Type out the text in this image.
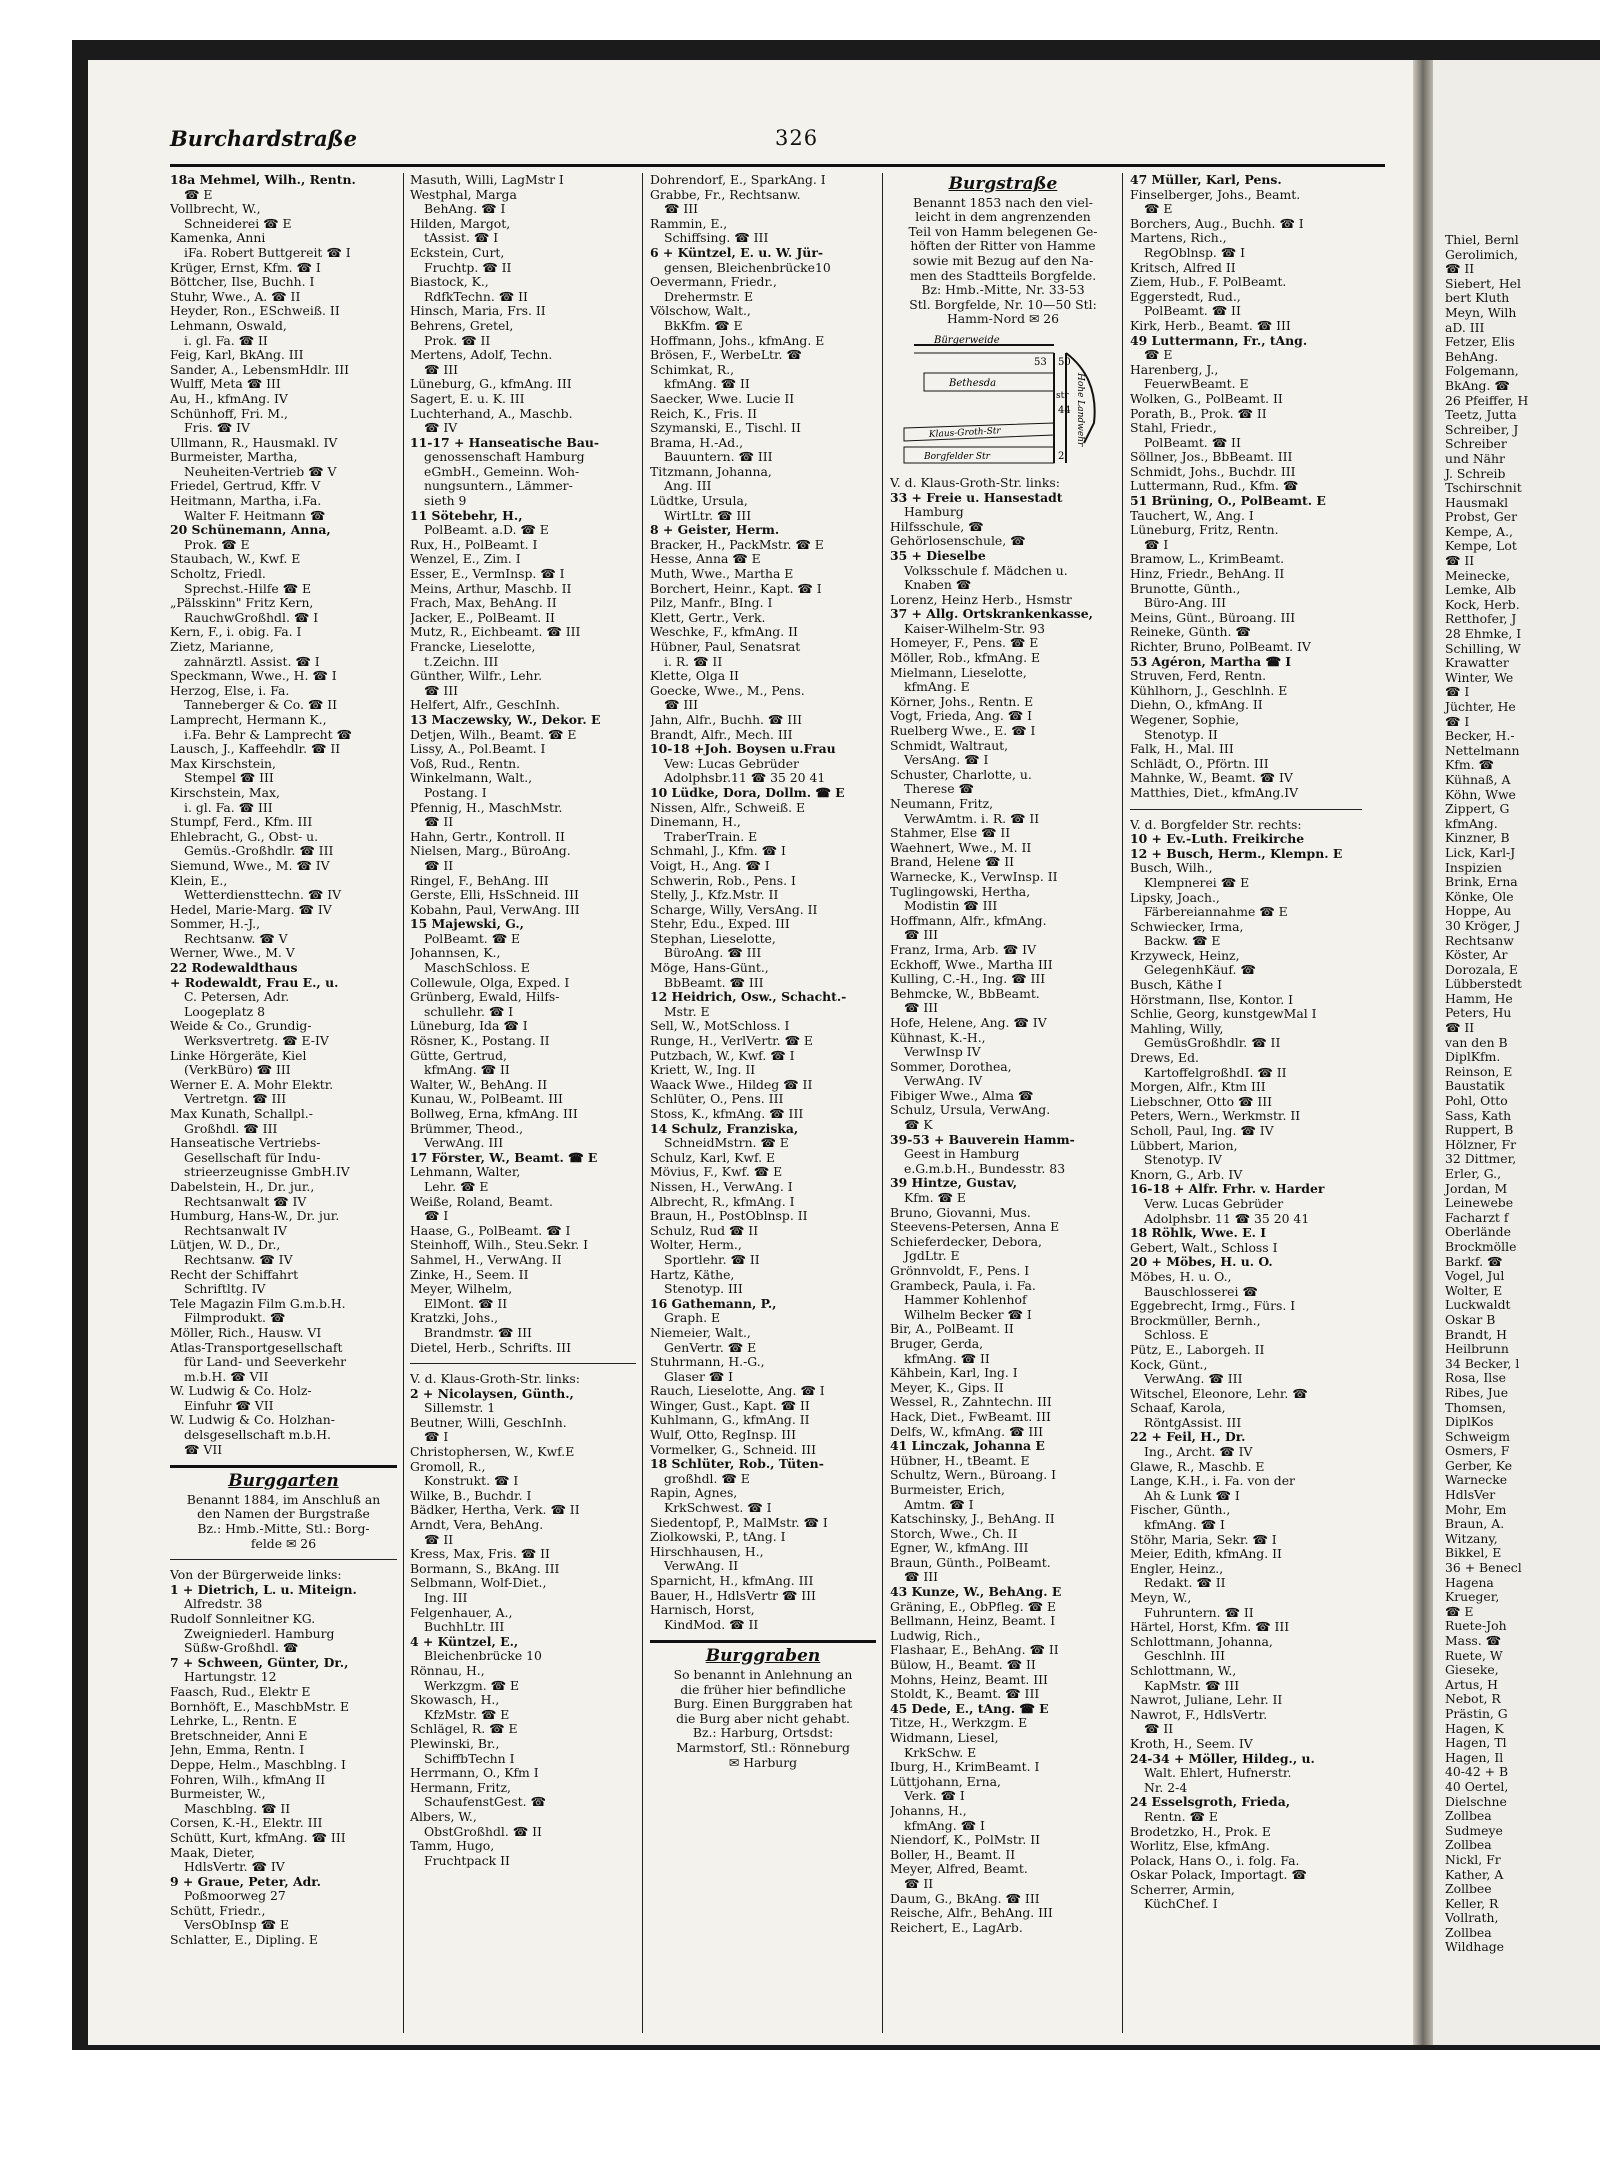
Thiel, Bernl
Gerolimich,
☎ II
Siebert, Hel
bert Kluth
Meyn, Wilh
aD. III
Fetzer, Elis
BehAng.
Folgemann,
BkAng. ☎
26 Pfeiffer, H
Teetz, Jutta
Schreiber, J
Schreiber
und Nähr
J. Schreib
Tschirschnit
Hausmakl
Probst, Ger
Kempe, A.,
Kempe, Lot
☎ II
Meinecke,
Lemke, Alb
Kock, Herb.
Retthofer, J
28 Ehmke, I
Schilling, W
Krawatter
Winter, We
☎ I
Jüchter, He
☎ I
Becker, H.-
Nettelmann
Kfm. ☎
Kühnaß, A
Köhn, Wwe
Zippert, G
kfmAng.
Kinzner, B
Lick, Karl-J
Inspizien
Brink, Erna
Könke, Ole
Hoppe, Au
30 Kröger, J
Rechtsanw
Köster, Ar
Dorozala, E
Lübberstedt
Hamm, He
Peters, Hu
☎ II
van den B
DiplKfm.
Reinson, E
Baustatik
Pohl, Otto
Sass, Kath
Ruppert, B
Hölzner, Fr
32 Dittmer,
Erler, G.,
Jordan, M
Leinewebe
Facharzt f
Oberlände
Brockmölle
Barkf. ☎
Vogel, Jul
Wolter, E
Luckwaldt
Oskar B
Brandt, H
Heilbrunn
34 Becker, l
Rosa, Ilse
Ribes, Jue
Thomsen,
DiplKos
Schweigm
Osmers, F
Gerber, Ke
Warnecke
HdlsVer
Mohr, Em
Braun, A.
Witzany,
Bikkel, E
36 + Benecl
Hagena
Krueger,
☎ E
Ruete-Joh
Mass. ☎
Ruete, W
Gieseke,
Artus, H
Nebot, R
Prästin, G
Hagen, K
Hagen, Tl
Hagen, Il
40-42 + B
40 Oertel,
Dielschne
Zollbea
Sudmeye
Zollbea
Nickl, Fr
Kather, A
Zollbee
Keller, R
Vollrath,
Zollbea
Wildhage
Burchardstraße	326
18a Mehmel, Wilh., Rentn.
☎ E
Vollbrecht, W.,
Schneiderei ☎ E
Kamenka, Anni
iFa. Robert Buttgereit ☎ I
Krüger, Ernst, Kfm. ☎ I
Böttcher, Ilse, Buchh. I
Stuhr, Wwe., A. ☎ II
Heyder, Ron., ESchweiß. II
Lehmann, Oswald,
i. gl. Fa. ☎ II
Feig, Karl, BkAng. III
Sander, A., LebensmHdlr. III
Wulff, Meta ☎ III
Au, H., kfmAng. IV
Schünhoff, Fri. M.,
Fris. ☎ IV
Ullmann, R., Hausmakl. IV
Burmeister, Martha,
Neuheiten-Vertrieb ☎ V
Friedel, Gertrud, Kffr. V
Heitmann, Martha, i.Fa.
Walter F. Heitmann ☎
20 Schünemann, Anna,
Prok. ☎ E
Staubach, W., Kwf. E
Scholtz, Friedl.
Sprechst.-Hilfe ☎ E
„Pälsskinn" Fritz Kern,
RauchwGroßhdl. ☎ I
Kern, F., i. obig. Fa. I
Zietz, Marianne,
zahnärztl. Assist. ☎ I
Speckmann, Wwe., H. ☎ I
Herzog, Else, i. Fa.
Tanneberger & Co. ☎ II
Lamprecht, Hermann K.,
i.Fa. Behr & Lamprecht ☎
Lausch, J., Kaffeehdlr. ☎ II
Max Kirschstein,
Stempel ☎ III
Kirschstein, Max,
i. gl. Fa. ☎ III
Stumpf, Ferd., Kfm. III
Ehlebracht, G., Obst- u.
Gemüs.-Großhdlr. ☎ III
Siemund, Wwe., M. ☎ IV
Klein, E.,
Wetterdiensttechn. ☎ IV
Hedel, Marie-Marg. ☎ IV
Sommer, H.-J.,
Rechtsanw. ☎ V
Werner, Wwe., M. V
22 Rodewaldthaus
+ Rodewaldt, Frau E., u.
C. Petersen, Adr.
Loogeplatz 8
Weide & Co., Grundig-
Werksvertretg. ☎ E-IV
Linke Hörgeräte, Kiel
(VerkBüro) ☎ III
Werner E. A. Mohr Elektr.
Vertretgn. ☎ III
Max Kunath, Schallpl.-
Großhdl. ☎ III
Hanseatische Vertriebs-
Gesellschaft für Indu-
strieerzeugnisse GmbH.IV
Dabelstein, H., Dr. jur.,
Rechtsanwalt ☎ IV
Humburg, Hans-W., Dr. jur.
Rechtsanwalt IV
Lütjen, W. D., Dr.,
Rechtsanw. ☎ IV
Recht der Schiffahrt
Schriftltg. IV
Tele Magazin Film G.m.b.H.
Filmprodukt. ☎
Möller, Rich., Hausw. VI
Atlas-Transportgesellschaft
für Land- und Seeverkehr
m.b.H. ☎ VII
W. Ludwig & Co. Holz-
Einfuhr ☎ VII
W. Ludwig & Co. Holzhan-
delsgesellschaft m.b.H.
☎ VII
Burggarten
Benannt 1884, im Anschluß an
den Namen der Burgstraße
Bz.: Hmb.-Mitte, Stl.: Borg-
felde ✉ 26
Von der Bürgerweide links:
1 + Dietrich, L. u. Miteign.
Alfredstr. 38
Rudolf Sonnleitner KG.
Zweigniederl. Hamburg
Süßw-Großhdl. ☎
7 + Schween, Günter, Dr.,
Hartungstr. 12
Faasch, Rud., Elektr E
Bornhöft, E., MaschbMstr. E
Lehrke, L., Rentn. E
Bretschneider, Anni E
Jehn, Emma, Rentn. I
Deppe, Helm., Maschblng. I
Fohren, Wilh., kfmAng II
Burmeister, W.,
Maschblng. ☎ II
Corsen, K.-H., Elektr. III
Schütt, Kurt, kfmAng. ☎ III
Maak, Dieter,
HdlsVertr. ☎ IV
9 + Graue, Peter, Adr.
Poßmoorweg 27
Schütt, Friedr.,
VersObInsp ☎ E
Schlatter, E., Dipling. E
Masuth, Willi, LagMstr I
Westphal, Marga
BehAng. ☎ I
Hilden, Margot,
tAssist. ☎ I
Eckstein, Curt,
Fruchtp. ☎ II
Biastock, K.,
RdfkTechn. ☎ II
Hinsch, Maria, Frs. II
Behrens, Gretel,
Prok. ☎ II
Mertens, Adolf, Techn.
☎ III
Lüneburg, G., kfmAng. III
Sagert, E. u. K. III
Luchterhand, A., Maschb.
☎ IV
11-17 + Hanseatische Bau-
genossenschaft Hamburg
eGmbH., Gemeinn. Woh-
nungsuntern., Lämmer-
sieth 9
11 Sötebehr, H.,
PolBeamt. a.D. ☎ E
Rux, H., PolBeamt. I
Wenzel, E., Zim. I
Esser, E., VermInsp. ☎ I
Meins, Arthur, Maschb. II
Frach, Max, BehAng. II
Jacker, E., PolBeamt. II
Mutz, R., Eichbeamt. ☎ III
Francke, Lieselotte,
t.Zeichn. III
Günther, Wilfr., Lehr.
☎ III
Helfert, Alfr., GeschInh.
13 Maczewsky, W., Dekor. E
Detjen, Wilh., Beamt. ☎ E
Lissy, A., Pol.Beamt. I
Voß, Rud., Rentn.
Winkelmann, Walt.,
Postang. I
Pfennig, H., MaschMstr.
☎ II
Hahn, Gertr., Kontroll. II
Nielsen, Marg., BüroAng.
☎ II
Ringel, F., BehAng. III
Gerste, Elli, HsSchneid. III
Kobahn, Paul, VerwAng. III
15 Majewski, G.,
PolBeamt. ☎ E
Johannsen, K.,
MaschSchloss. E
Collewule, Olga, Exped. I
Grünberg, Ewald, Hilfs-
schullehr. ☎ I
Lüneburg, Ida ☎ I
Rösner, K., Postang. II
Gütte, Gertrud,
kfmAng. ☎ II
Walter, W., BehAng. II
Kunau, W., PolBeamt. III
Bollweg, Erna, kfmAng. III
Brümmer, Theod.,
VerwAng. III
17 Förster, W., Beamt. ☎ E
Lehmann, Walter,
Lehr. ☎ E
Weiße, Roland, Beamt.
☎ I
Haase, G., PolBeamt. ☎ I
Steinhoff, Wilh., Steu.Sekr. I
Sahmel, H., VerwAng. II
Zinke, H., Seem. II
Meyer, Wilhelm,
ElMont. ☎ II
Kratzki, Johs.,
Brandmstr. ☎ III
Dietel, Herb., Schrifts. III
V. d. Klaus-Groth-Str. links:
2 + Nicolaysen, Günth.,
Sillemstr. 1
Beutner, Willi, GeschInh.
☎ I
Christophersen, W., Kwf.E
Gromoll, R.,
Konstrukt. ☎ I
Wilke, B., Buchdr. I
Bädker, Hertha, Verk. ☎ II
Arndt, Vera, BehAng.
☎ II
Kress, Max, Fris. ☎ II
Bormann, S., BkAng. III
Selbmann, Wolf-Diet.,
Ing. III
Felgenhauer, A.,
BuchhLtr. III
4 + Küntzel, E.,
Bleichenbrücke 10
Rönnau, H.,
Werkzgm. ☎ E
Skowasch, H.,
KfzMstr. ☎ E
Schlägel, R. ☎ E
Plewinski, Br.,
SchiffbTechn I
Herrmann, O., Kfm I
Hermann, Fritz,
SchaufenstGest. ☎
Albers, W.,
ObstGroßhdl. ☎ II
Tamm, Hugo,
Fruchtpack II
Dohrendorf, E., SparkAng. I
Grabbe, Fr., Rechtsanw.
☎ III
Rammin, E.,
Schiffsing. ☎ III
6 + Küntzel, E. u. W. Jür-
gensen, Bleichenbrücke10
Oevermann, Friedr.,
Drehermstr. E
Völschow, Walt.,
BkKfm. ☎ E
Hoffmann, Johs., kfmAng. E
Brösen, F., WerbeLtr. ☎
Schimkat, R.,
kfmAng. ☎ II
Saecker, Wwe. Lucie II
Reich, K., Fris. II
Szymanski, E., Tischl. II
Brama, H.-Ad.,
Bauuntern. ☎ III
Titzmann, Johanna,
Ang. III
Lüdtke, Ursula,
WirtLtr. ☎ III
8 + Geister, Herm.
Bracker, H., PackMstr. ☎ E
Hesse, Anna ☎ E
Muth, Wwe., Martha E
Borchert, Heinr., Kapt. ☎ I
Pilz, Manfr., BIng. I
Klett, Gertr., Verk.
Weschke, F., kfmAng. II
Hübner, Paul, Senatsrat
i. R. ☎ II
Klette, Olga II
Goecke, Wwe., M., Pens.
☎ III
Jahn, Alfr., Buchh. ☎ III
Brandt, Alfr., Mech. III
10-18 +Joh. Boysen u.Frau
Vew: Lucas Gebrüder
Adolphsbr.11 ☎ 35 20 41
10 Lüdke, Dora, Dollm. ☎ E
Nissen, Alfr., Schweiß. E
Dinemann, H.,
TraberTrain. E
Schmahl, J., Kfm. ☎ I
Voigt, H., Ang. ☎ I
Schwerin, Rob., Pens. I
Stelly, J., Kfz.Mstr. II
Scharge, Willy, VersAng. II
Stehr, Edu., Exped. III
Stephan, Lieselotte,
BüroAng. ☎ III
Möge, Hans-Günt.,
BbBeamt. ☎ III
12 Heidrich, Osw., Schacht.-
Mstr. E
Sell, W., MotSchloss. I
Runge, H., VerlVertr. ☎ E
Putzbach, W., Kwf. ☎ I
Kriett, W., Ing. II
Waack Wwe., Hildeg ☎ II
Schlüter, O., Pens. III
Stoss, K., kfmAng. ☎ III
14 Schulz, Franziska,
SchneidMstrn. ☎ E
Schulz, Karl, Kwf. E
Mövius, F., Kwf. ☎ E
Nissen, H., VerwAng. I
Albrecht, R., kfmAng. I
Braun, H., PostOblnsp. II
Schulz, Rud ☎ II
Wolter, Herm.,
Sportlehr. ☎ II
Hartz, Käthe,
Stenotyp. III
16 Gathemann, P.,
Graph. E
Niemeier, Walt.,
GenVertr. ☎ E
Stuhrmann, H.-G.,
Glaser ☎ I
Rauch, Lieselotte, Ang. ☎ I
Winger, Gust., Kapt. ☎ II
Kuhlmann, G., kfmAng. II
Wulf, Otto, RegInsp. III
Vormelker, G., Schneid. III
18 Schlüter, Rob., Tüten-
großhdl. ☎ E
Rapin, Agnes,
KrkSchwest. ☎ I
Siedentopf, P., MalMstr. ☎ I
Ziolkowski, P., tAng. I
Hirschhausen, H.,
VerwAng. II
Sparnicht, H., kfmAng. III
Bauer, H., HdlsVertr ☎ III
Harnisch, Horst,
KindMod. ☎ II
Burggraben
So benannt in Anlehnung an
die früher hier befindliche
Burg. Einen Burggraben hat
die Burg aber nicht gehabt.
Bz.: Harburg, Ortsdst:
Marmstorf, Stl.: Rönneburg
✉ Harburg
Burgstraße
Benannt 1853 nach den viel-
leicht in dem angrenzenden
Teil von Hamm belegenen Ge-
höften der Ritter von Hamme
sowie mit Bezug auf den Na-
men des Stadtteils Borgfelde.
Bz: Hmb.-Mitte, Nr. 33-53
Stl. Borgfelde, Nr. 10—50 Stl:
Hamm-Nord ✉ 26
Bürgerweide
53
Bethesda
50
str
44 Hohe Landwehr
Klaus-Groth-Str
Borgfelder Str	2
V. d. Klaus-Groth-Str. links:
33 + Freie u. Hansestadt
Hamburg
Hilfsschule, ☎
Gehörlosenschule, ☎
35 + Dieselbe
Volksschule f. Mädchen u.
Knaben ☎
Lorenz, Heinz Herb., Hsmstr
37 + Allg. Ortskrankenkasse,
Kaiser-Wilhelm-Str. 93
Homeyer, F., Pens. ☎ E
Möller, Rob., kfmAng. E
Mielmann, Lieselotte,
kfmAng. E
Körner, Johs., Rentn. E
Vogt, Frieda, Ang. ☎ I
Ruelberg Wwe., E. ☎ I
Schmidt, Waltraut,
VersAng. ☎ I
Schuster, Charlotte, u.
Therese ☎
Neumann, Fritz,
VerwAmtm. i. R. ☎ II
Stahmer, Else ☎ II
Waehnert, Wwe., M. II
Brand, Helene ☎ II
Warnecke, K., VerwInsp. II
Tuglingowski, Hertha,
Modistin ☎ III
Hoffmann, Alfr., kfmAng.
☎ III
Franz, Irma, Arb. ☎ IV
Eckhoff, Wwe., Martha III
Kulling, C.-H., Ing. ☎ III
Behmcke, W., BbBeamt.
☎ III
Hofe, Helene, Ang. ☎ IV
Kühnast, K.-H.,
VerwInsp IV
Sommer, Dorothea,
VerwAng. IV
Fibiger Wwe., Alma ☎
Schulz, Ursula, VerwAng.
☎ K
39-53 + Bauverein Hamm-
Geest in Hamburg
e.G.m.b.H., Bundesstr. 83
39 Hintze, Gustav,
Kfm. ☎ E
Bruno, Giovanni, Mus.
Steevens-Petersen, Anna E
Schieferdecker, Debora,
JgdLtr. E
Grönnvoldt, F., Pens. I
Grambeck, Paula, i. Fa.
Hammer Kohlenhof
Wilhelm Becker ☎ I
Bir, A., PolBeamt. II
Bruger, Gerda,
kfmAng. ☎ II
Kähbein, Karl, Ing. I
Meyer, K., Gips. II
Wessel, R., Zahntechn. III
Hack, Diet., FwBeamt. III
Delfs, W., kfmAng. ☎ III
41 Linczak, Johanna E
Hübner, H., tBeamt. E
Schultz, Wern., Büroang. I
Burmeister, Erich,
Amtm. ☎ I
Katschinsky, J., BehAng. II
Storch, Wwe., Ch. II
Egner, W., kfmAng. III
Braun, Günth., PolBeamt.
☎ III
43 Kunze, W., BehAng. E
Gräning, E., ObPfleg. ☎ E
Bellmann, Heinz, Beamt. I
Ludwig, Rich.,
Flashaar, E., BehAng. ☎ II
Bülow, H., Beamt. ☎ II
Mohns, Heinz, Beamt. III
Stoldt, K., Beamt. ☎ III
45 Dede, E., tAng. ☎ E
Titze, H., Werkzgm. E
Widmann, Liesel,
KrkSchw. E
Iburg, H., KrimBeamt. I
Lüttjohann, Erna,
Verk. ☎ I
Johanns, H.,
kfmAng. ☎ I
Niendorf, K., PolMstr. II
Boller, H., Beamt. II
Meyer, Alfred, Beamt.
☎ II
Daum, G., BkAng. ☎ III
Reische, Alfr., BehAng. III
Reichert, E., LagArb.
47 Müller, Karl, Pens.
Finselberger, Johs., Beamt.
☎ E
Borchers, Aug., Buchh. ☎ I
Martens, Rich.,
RegOblnsp. ☎ I
Kritsch, Alfred II
Ziem, Hub., F. PolBeamt.
Eggerstedt, Rud.,
PolBeamt. ☎ II
Kirk, Herb., Beamt. ☎ III
49 Luttermann, Fr., tAng.
☎ E
Harenberg, J.,
FeuerwBeamt. E
Wolken, G., PolBeamt. II
Porath, B., Prok. ☎ II
Stahl, Friedr.,
PolBeamt. ☎ II
Söllner, Jos., BbBeamt. III
Schmidt, Johs., Buchdr. III
Luttermann, Rud., Kfm. ☎
51 Brüning, O., PolBeamt. E
Tauchert, W., Ang. I
Lüneburg, Fritz, Rentn.
☎ I
Bramow, L., KrimBeamt.
Hinz, Friedr., BehAng. II
Brunotte, Günth.,
Büro-Ang. III
Meins, Günt., Büroang. III
Reineke, Günth. ☎
Richter, Bruno, PolBeamt. IV
53 Agéron, Martha ☎ I
Struven, Ferd, Rentn.
Kühlhorn, J., Geschlnh. E
Diehn, O., kfmAng. II
Wegener, Sophie,
Stenotyp. II
Falk, H., Mal. III
Schlädt, O., Pförtn. III
Mahnke, W., Beamt. ☎ IV
Matthies, Diet., kfmAng.IV
V. d. Borgfelder Str. rechts:
10 + Ev.-Luth. Freikirche
12 + Busch, Herm., Klempn. E
Busch, Wilh.,
Klempnerei ☎ E
Lipsky, Joach.,
Färbereiannahme ☎ E
Schwiecker, Irma,
Backw. ☎ E
Krzyweck, Heinz,
GelegenhKäuf. ☎
Busch, Käthe I
Hörstmann, Ilse, Kontor. I
Schlie, Georg, kunstgewMal I
Mahling, Willy,
GemüsGroßhdlr. ☎ II
Drews, Ed.
KartoffelgroßhdI. ☎ II
Morgen, Alfr., Ktm III
Liebschner, Otto ☎ III
Peters, Wern., Werkmstr. II
Scholl, Paul, Ing. ☎ IV
Lübbert, Marion,
Stenotyp. IV
Knorn, G., Arb. IV
16-18 + Alfr. Frhr. v. Harder
Verw. Lucas Gebrüder
Adolphsbr. 11 ☎ 35 20 41
18 Röhlk, Wwe. E. I
Gebert, Walt., Schloss I
20 + Möbes, H. u. O.
Möbes, H. u. O.,
Bauschlosserei ☎
Eggebrecht, Irmg., Fürs. I
Brockmüller, Bernh.,
Schloss. E
Pütz, E., Laborgeh. II
Kock, Günt.,
VerwAng. ☎ III
Witschel, Eleonore, Lehr. ☎
Schaaf, Karola,
RöntgAssist. III
22 + Feil, H., Dr.
Ing., Archt. ☎ IV
Glawe, R., Maschb. E
Lange, K.H., i. Fa. von der
Ah & Lunk ☎ I
Fischer, Günth.,
kfmAng. ☎ I
Stöhr, Maria, Sekr. ☎ I
Meier, Edith, kfmAng. II
Engler, Heinz.,
Redakt. ☎ II
Meyn, W.,
Fuhruntern. ☎ II
Härtel, Horst, Kfm. ☎ III
Schlottmann, Johanna,
Geschlnh. III
Schlottmann, W.,
KapMstr. ☎ III
Nawrot, Juliane, Lehr. II
Nawrot, F., HdlsVertr.
☎ II
Kroth, H., Seem. IV
24-34 + Möller, Hildeg., u.
Walt. Ehlert, Hufnerstr.
Nr. 2-4
24 Esselsgroth, Frieda,
Rentn. ☎ E
Brodetzko, H., Prok. E
Worlitz, Else, kfmAng.
Polack, Hans O., i. folg. Fa.
Oskar Polack, Importagt. ☎
Scherrer, Armin,
KüchChef. I
